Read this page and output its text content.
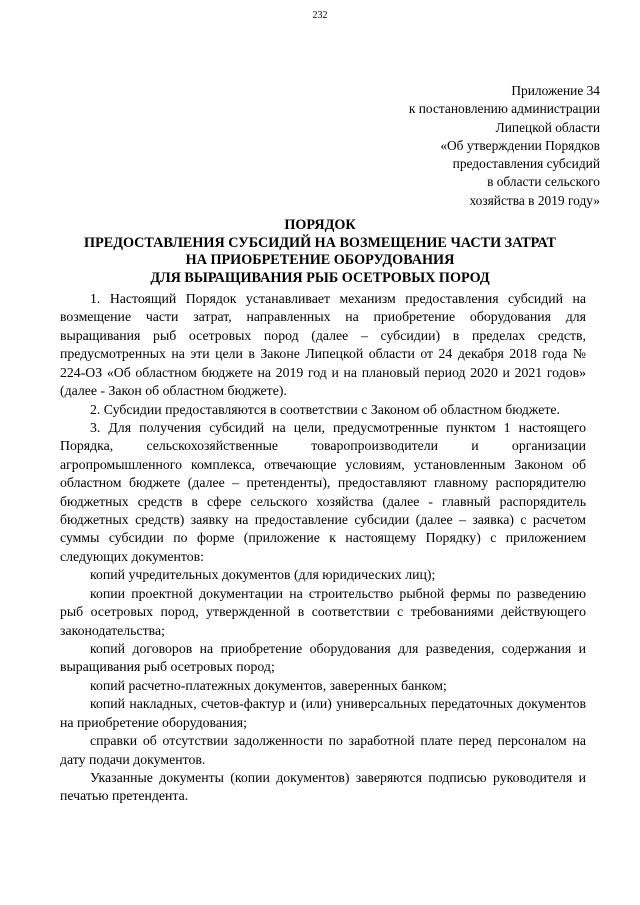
232
Приложение 34
к постановлению администрации
Липецкой области
«Об утверждении Порядков
предоставления субсидий
в области сельского
хозяйства в 2019 году»
ПОРЯДОК
ПРЕДОСТАВЛЕНИЯ СУБСИДИЙ НА ВОЗМЕЩЕНИЕ ЧАСТИ ЗАТРАТ
НА ПРИОБРЕТЕНИЕ ОБОРУДОВАНИЯ
ДЛЯ ВЫРАЩИВАНИЯ РЫБ ОСЕТРОВЫХ ПОРОД

1. Настоящий Порядок устанавливает механизм предоставления субсидий на возмещение части затрат, направленных на приобретение оборудования для выращивания рыб осетровых пород (далее – субсидии) в пределах средств, предусмотренных на эти цели в Законе Липецкой области от 24 декабря 2018 года № 224-ОЗ «Об областном бюджете на 2019 год и на плановый период 2020 и 2021 годов» (далее - Закон об областном бюджете).

2. Субсидии предоставляются в соответствии с Законом об областном бюджете.

3. Для получения субсидий на цели, предусмотренные пунктом 1 настоящего Порядка, сельскохозяйственные товаропроизводители и организации агропромышленного комплекса, отвечающие условиям, установленным Законом об областном бюджете (далее – претенденты), предоставляют главному распорядителю бюджетных средств в сфере сельского хозяйства (далее - главный распорядитель бюджетных средств) заявку на предоставление субсидии (далее – заявка) с расчетом суммы субсидии по форме (приложение к настоящему Порядку) с приложением следующих документов:

копий учредительных документов (для юридических лиц);

копии проектной документации на строительство рыбной фермы по разведению рыб осетровых пород, утвержденной в соответствии с требованиями действующего законодательства;

копий договоров на приобретение оборудования для разведения, содержания и выращивания рыб осетровых пород;

копий расчетно-платежных документов, заверенных банком;

копий накладных, счетов-фактур и (или) универсальных передаточных документов на приобретение оборудования;

справки об отсутствии задолженности по заработной плате перед персоналом на дату подачи документов.

Указанные документы (копии документов) заверяются подписью руководителя и печатью претендента.
